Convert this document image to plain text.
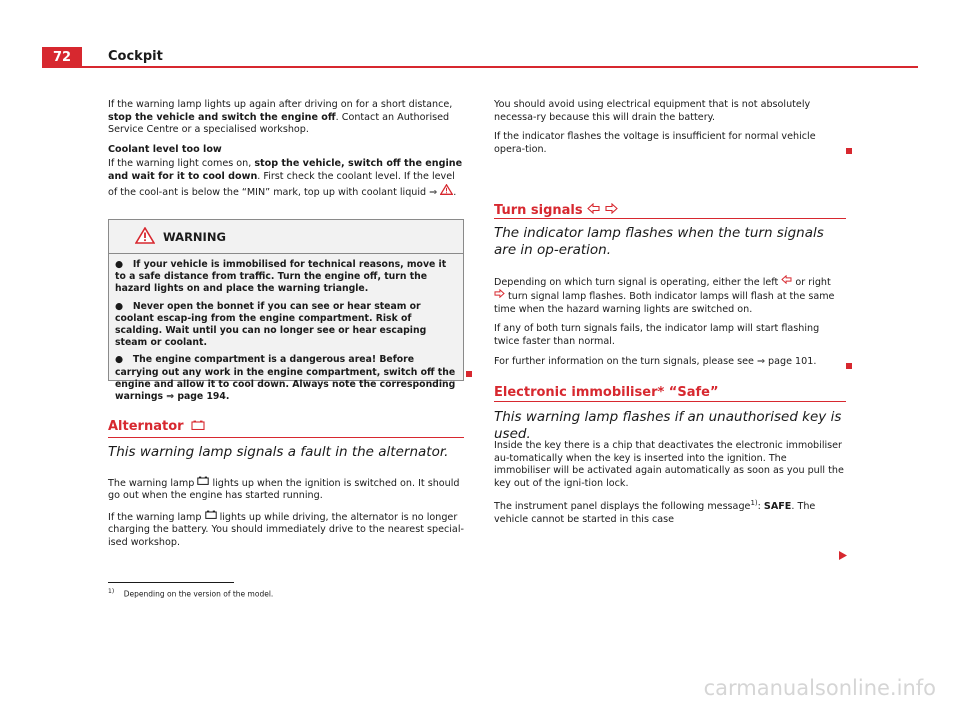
72	Cockpit

If the warning lamp lights up again after driving on for a short distance, stop the vehicle and switch the engine off. Contact an Authorised Service Centre or a specialised workshop.

Coolant level too low

If the warning light comes on, stop the vehicle, switch off the engine and wait for it to cool down. First check the coolant level. If the level of the cool-ant is below the “MIN” mark, top up with coolant liquid ⇒ .

WARNING

●   If your vehicle is immobilised for technical reasons, move it to a safe distance from traffic. Turn the engine off, turn the hazard lights on and place the warning triangle.

●   Never open the bonnet if you can see or hear steam or coolant escap-ing from the engine compartment. Risk of scalding. Wait until you can no longer see or hear escaping steam or coolant.

●   The engine compartment is a dangerous area! Before carrying out any work in the engine compartment, switch off the engine and allow it to cool down. Always note the corresponding warnings ⇒ page 194.

Alternator
This warning lamp signals a fault in the alternator.

The warning lamp  lights up when the ignition is switched on. It should go out when the engine has started running.

If the warning lamp  lights up while driving, the alternator is no longer charging the battery. You should immediately drive to the nearest special-ised workshop.

You should avoid using electrical equipment that is not absolutely necessa-ry because this will drain the battery.

If the indicator flashes the voltage is insufficient for normal vehicle opera-tion.

Turn signals
The indicator lamp flashes when the turn signals are in op-eration.

Depending on which turn signal is operating, either the left  or right  turn signal lamp flashes. Both indicator lamps will flash at the same time when the hazard warning lights are switched on.

If any of both turn signals fails, the indicator lamp will start flashing twice faster than normal.

For further information on the turn signals, please see ⇒ page 101.

Electronic immobiliser* “Safe”
This warning lamp flashes if an unauthorised key is used.

Inside the key there is a chip that deactivates the electronic immobiliser au-tomatically when the key is inserted into the ignition. The immobiliser will be activated again automatically as soon as you pull the key out of the igni-tion lock.

The instrument panel displays the following message$^{1)}$: SAFE. The vehicle cannot be started in this case

$^{1)}$ Depending on the version of the model.
carmanualsonline.info
